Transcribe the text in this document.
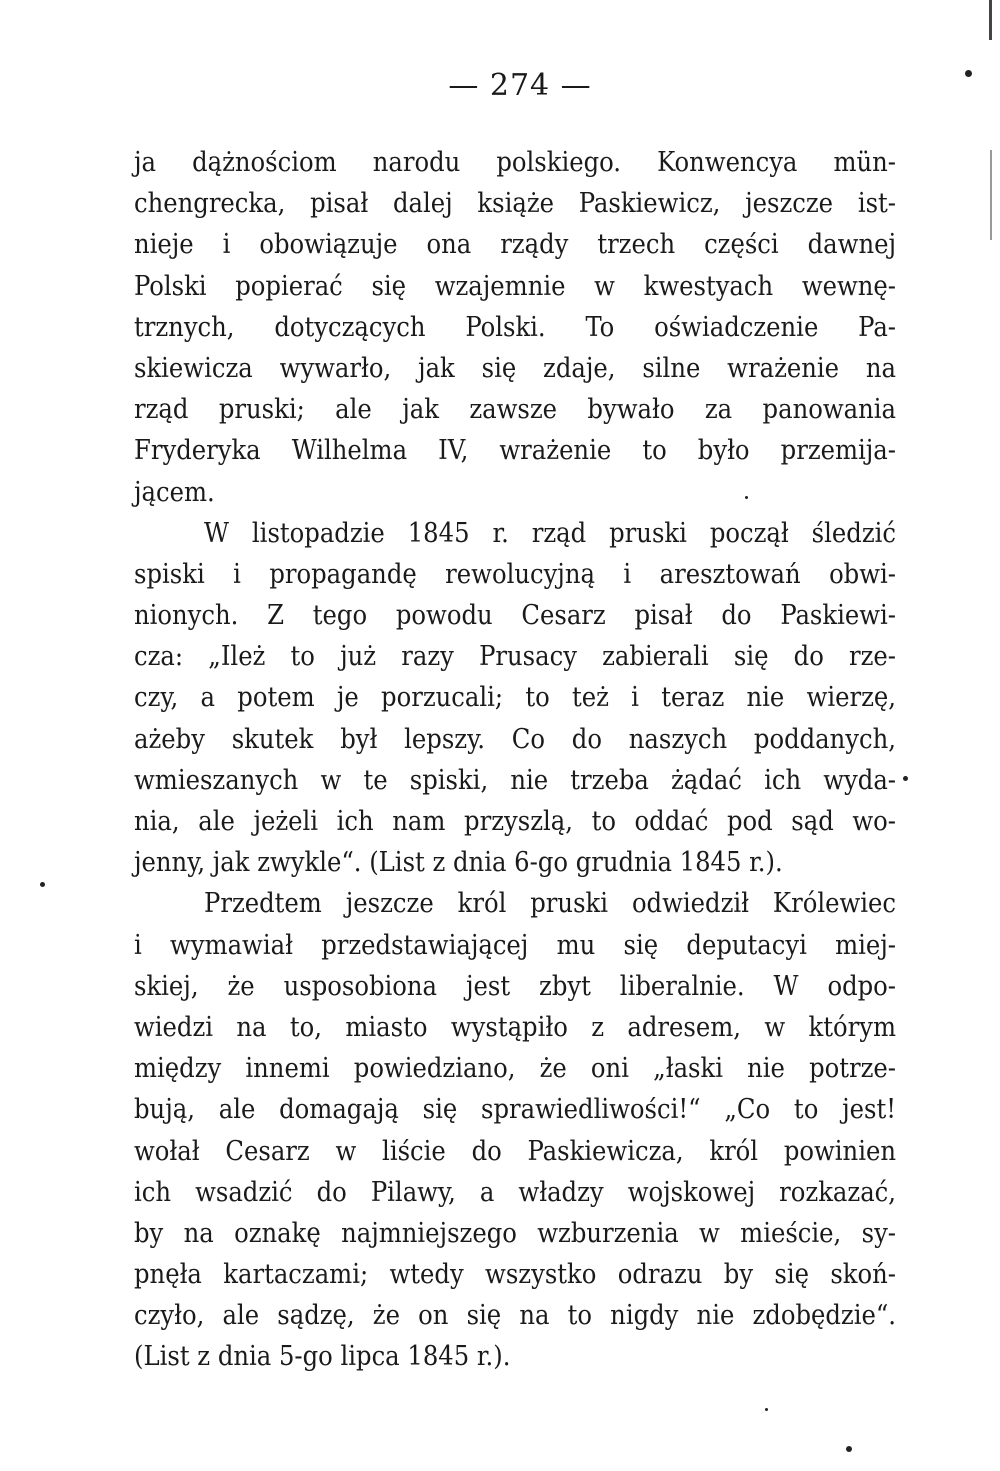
— 274 —
ja dążnościom narodu polskiego. Konwencya mün-
chengrecka, pisał dalej książe Paskiewicz, jeszcze ist-
nieje i obowiązuje ona rządy trzech części dawnej
Polski popierać się wzajemnie w kwestyach wewnę-
trznych, dotyczących Polski. To oświadczenie Pa-
skiewicza wywarło, jak się zdaje, silne wrażenie na
rząd pruski; ale jak zawsze bywało za panowania
Fryderyka Wilhelma IV, wrażenie to było przemija-
jącem.
W listopadzie 1845 r. rząd pruski począł śledzić
spiski i propagandę rewolucyjną i aresztowań obwi-
nionych. Z tego powodu Cesarz pisał do Paskiewi-
cza: „Ileż to już razy Prusacy zabierali się do rze-
czy, a potem je porzucali; to też i teraz nie wierzę,
ażeby skutek był lepszy. Co do naszych poddanych,
wmieszanych w te spiski, nie trzeba żądać ich wyda-
nia, ale jeżeli ich nam przyszlą, to oddać pod sąd wo-
jenny, jak zwykle“. (List z dnia 6-go grudnia 1845 r.).
Przedtem jeszcze król pruski odwiedził Królewiec
i wymawiał przedstawiającej mu się deputacyi miej-
skiej, że usposobiona jest zbyt liberalnie. W odpo-
wiedzi na to, miasto wystąpiło z adresem, w którym
między innemi powiedziano, że oni „łaski nie potrze-
bują, ale domagają się sprawiedliwości!“ „Co to jest!
wołał Cesarz w liście do Paskiewicza, król powinien
ich wsadzić do Pilawy, a władzy wojskowej rozkazać,
by na oznakę najmniejszego wzburzenia w mieście, sy-
pnęła kartaczami; wtedy wszystko odrazu by się skoń-
czyło, ale sądzę, że on się na to nigdy nie zdobędzie“.
(List z dnia 5-go lipca 1845 r.).
